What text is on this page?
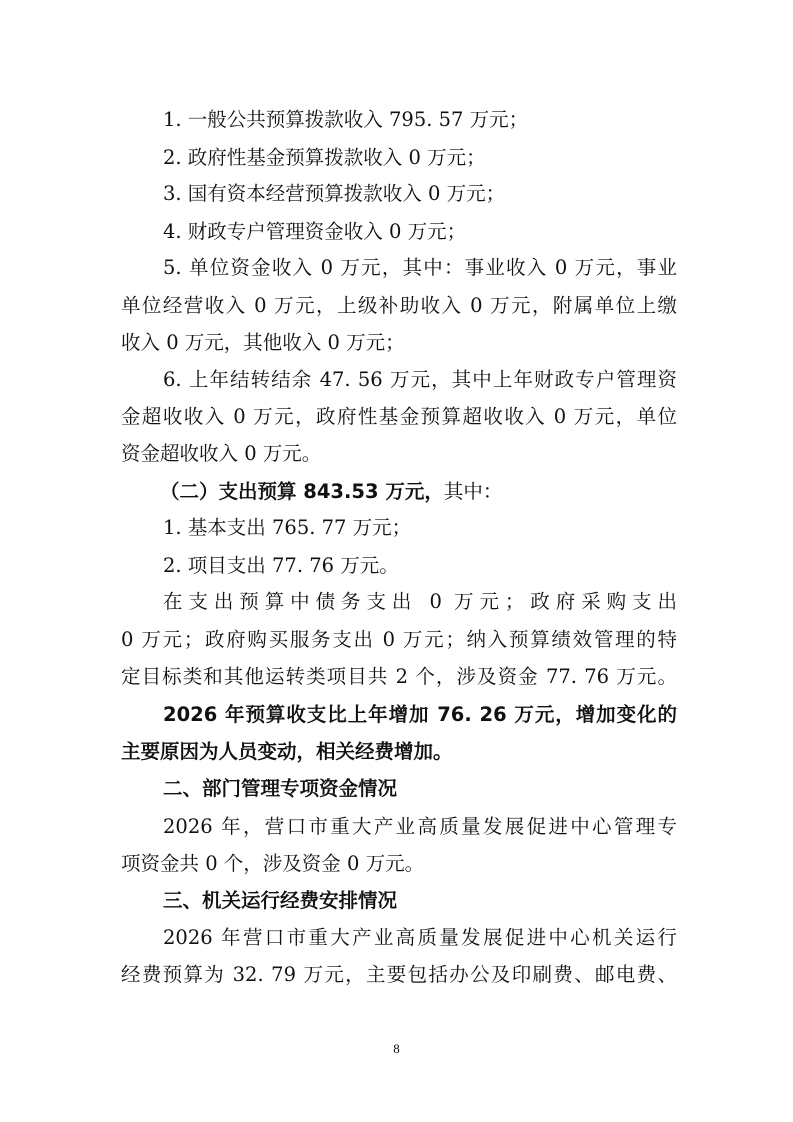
1. 一般公共预算拨款收入 795. 57 万元；
2. 政府性基金预算拨款收入 0 万元；
3. 国有资本经营预算拨款收入 0 万元；
4. 财政专户管理资金收入 0 万元；
5. 单位资金收入 0 万元，其中：事业收入 0 万元，事业
单位经营收入 0 万元，上级补助收入 0 万元，附属单位上缴
收入 0 万元，其他收入 0 万元；
6. 上年结转结余 47. 56 万元，其中上年财政专户管理资
金超收收入 0 万元，政府性基金预算超收收入 0 万元，单位
资金超收收入 0 万元。
（二）支出预算 843.53 万元，其中：
1. 基本支出 765. 77 万元；
2. 项目支出 77. 76 万元。
在支出预算中债务支出 0 万元；政府采购支出
0 万元；政府购买服务支出 0 万元；纳入预算绩效管理的特
定目标类和其他运转类项目共 2 个，涉及资金 77. 76 万元。
2026 年预算收支比上年增加 76. 26 万元，增加变化的
主要原因为人员变动，相关经费增加。
二、部门管理专项资金情况
2026 年，营口市重大产业高质量发展促进中心管理专
项资金共 0 个，涉及资金 0 万元。
三、机关运行经费安排情况
2026 年营口市重大产业高质量发展促进中心机关运行
经费预算为 32. 79 万元，主要包括办公及印刷费、邮电费、
8
